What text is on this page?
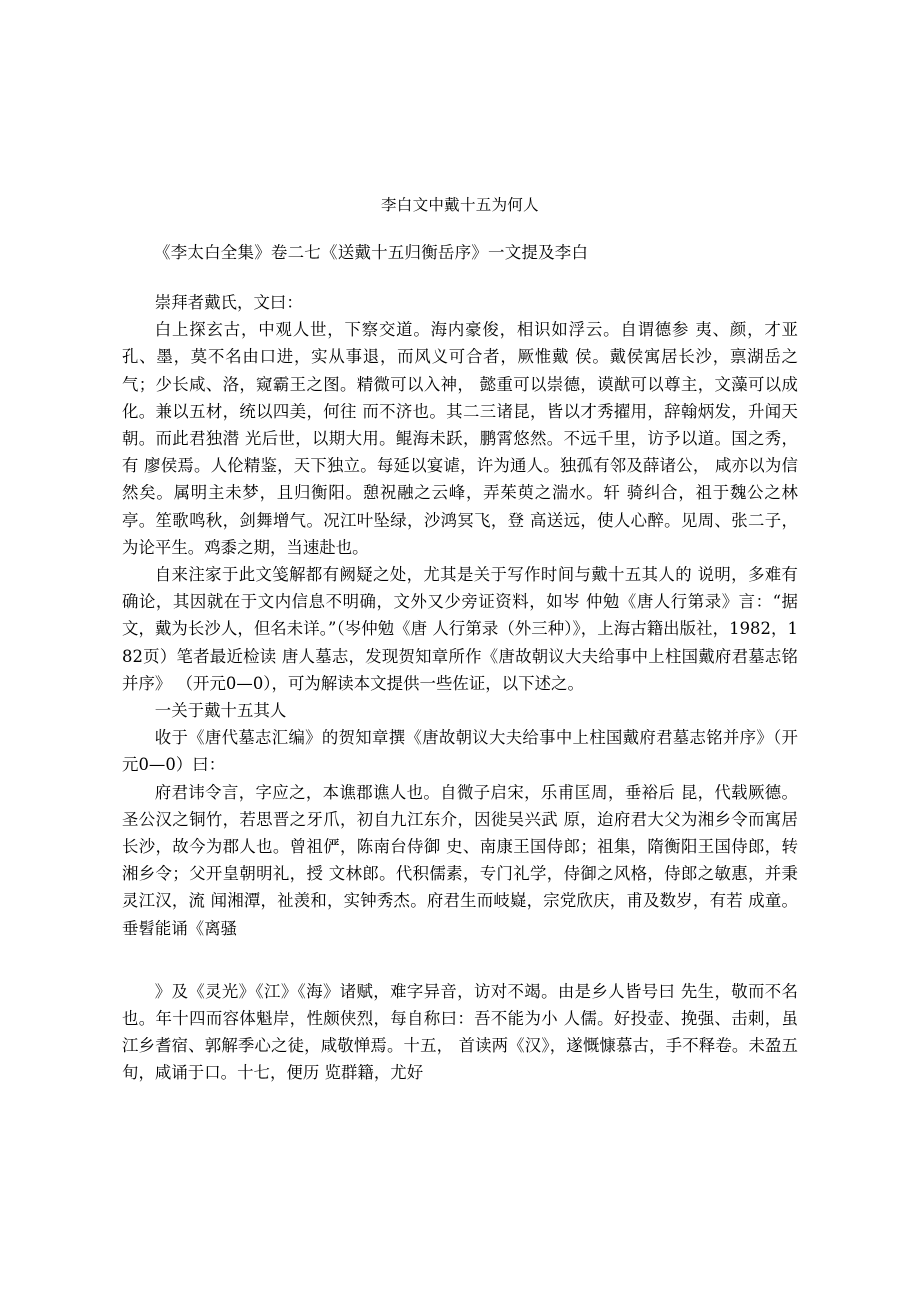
李白文中戴十五为何人
《李太白全集》卷二七《送戴十五归衡岳序》一文提及李白

崇拜者戴氏，文曰：

白上探玄古，中观人世，下察交道。海内豪俊，相识如浮云。自谓德参 夷、颜，才亚孔、墨，莫不名由口进，实从事退，而风义可合者，厥惟戴 侯。戴侯寓居长沙，禀湖岳之气；少长咸、洛，窥霸王之图。精微可以入神， 懿重可以崇德，谟猷可以尊主，文藻可以成化。兼以五材，统以四美，何往 而不济也。其二三诸昆，皆以才秀擢用，辞翰炳发，升闻天朝。而此君独潜 光后世，以期大用。鲲海未跃，鹏霄悠然。不远千里，访予以道。国之秀，有 廖侯焉。人伦精鉴，天下独立。每延以宴谑，许为通人。独孤有邻及薛诸公， 咸亦以为信然矣。属明主未梦，且归衡阳。憩祝融之云峰，弄茱萸之湍水。轩 骑纠合，祖于魏公之林亭。笙歌鸣秋，剑舞增气。况江叶坠绿，沙鸿冥飞，登 高送远，使人心醉。见周、张二子，为论平生。鸡黍之期，当速赴也。

自来注家于此文笺解都有阙疑之处，尤其是关于写作时间与戴十五其人的 说明，多难有确论，其因就在于文内信息不明确，文外又少旁证资料，如岑 仲勉《唐人行第录》言：“据文，戴为长沙人，但名未详。”（岑仲勉《唐 人行第录（外三种）》，上海古籍出版社，1982，182页）笔者最近检读 唐人墓志，发现贺知章所作《唐故朝议大夫给事中上柱国戴府君墓志铭并序》 （开元0—0），可为解读本文提供一些佐证，以下述之。

一关于戴十五其人

收于《唐代墓志汇编》的贺知章撰《唐故朝议大夫给事中上柱国戴府君墓志铭并序》（开元0—0）曰：

府君讳令言，字应之，本谯郡谯人也。自微子启宋，乐甫匡周，垂裕后 昆，代载厥德。圣公汉之铜竹，若思晋之牙爪，初自九江东介，因徙吴兴武 原，迨府君大父为湘乡令而寓居长沙，故今为郡人也。曾祖俨，陈南台侍御 史、南康王国侍郎；祖集，隋衡阳王国侍郎，转湘乡令；父开皇朝明礼，授 文林郎。代积儒素，专门礼学，侍御之风格，侍郎之敏惠，并秉灵江汉，流 闻湘潭，祉羡和，实钟秀杰。府君生而岐嶷，宗党欣庆，甫及数岁，有若 成童。垂髫能诵《离骚

》及《灵光》《江》《海》诸赋，难字异音，访对不竭。由是乡人皆号曰 先生，敬而不名也。年十四而容体魁岸，性颇侠烈，每自称曰：吾不能为小 人儒。好投壶、挽强、击刺，虽江乡耆宿、郭解季心之徒，咸敬惮焉。十五， 首读两《汉》，遂慨慷慕古，手不释卷。未盈五旬，咸诵于口。十七，便历 览群籍，尤好
